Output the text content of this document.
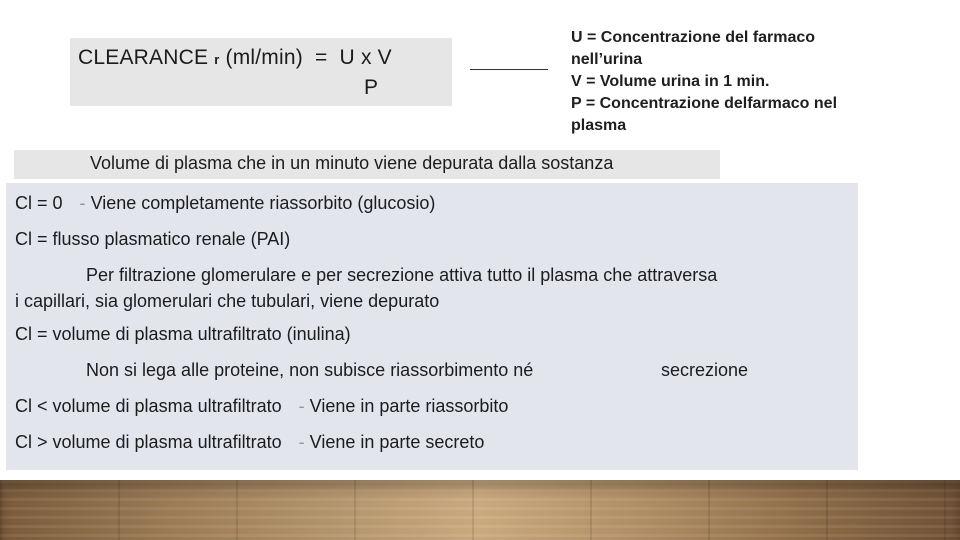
CLEARANCE r (ml/min)  =  U x V
P
U = Concentrazione del farmaco
nell’urina
V = Volume urina in 1 min.
P = Concentrazione delfarmaco nel
plasma
Volume di plasma che in un minuto viene depurata dalla sostanza
Cl = 0 - Viene completamente riassorbito (glucosio)
Cl = flusso plasmatico renale (PAI)
Per filtrazione glomerulare e per secrezione attiva tutto il plasma che attraversa
i capillari, sia glomerulari che tubulari, viene depurato
Cl = volume di plasma ultrafiltrato (inulina)
Non si lega alle proteine, non subisce riassorbimento né	secrezione
Cl < volume di plasma ultrafiltrato - Viene in parte riassorbito
Cl > volume di plasma ultrafiltrato - Viene in parte secreto
